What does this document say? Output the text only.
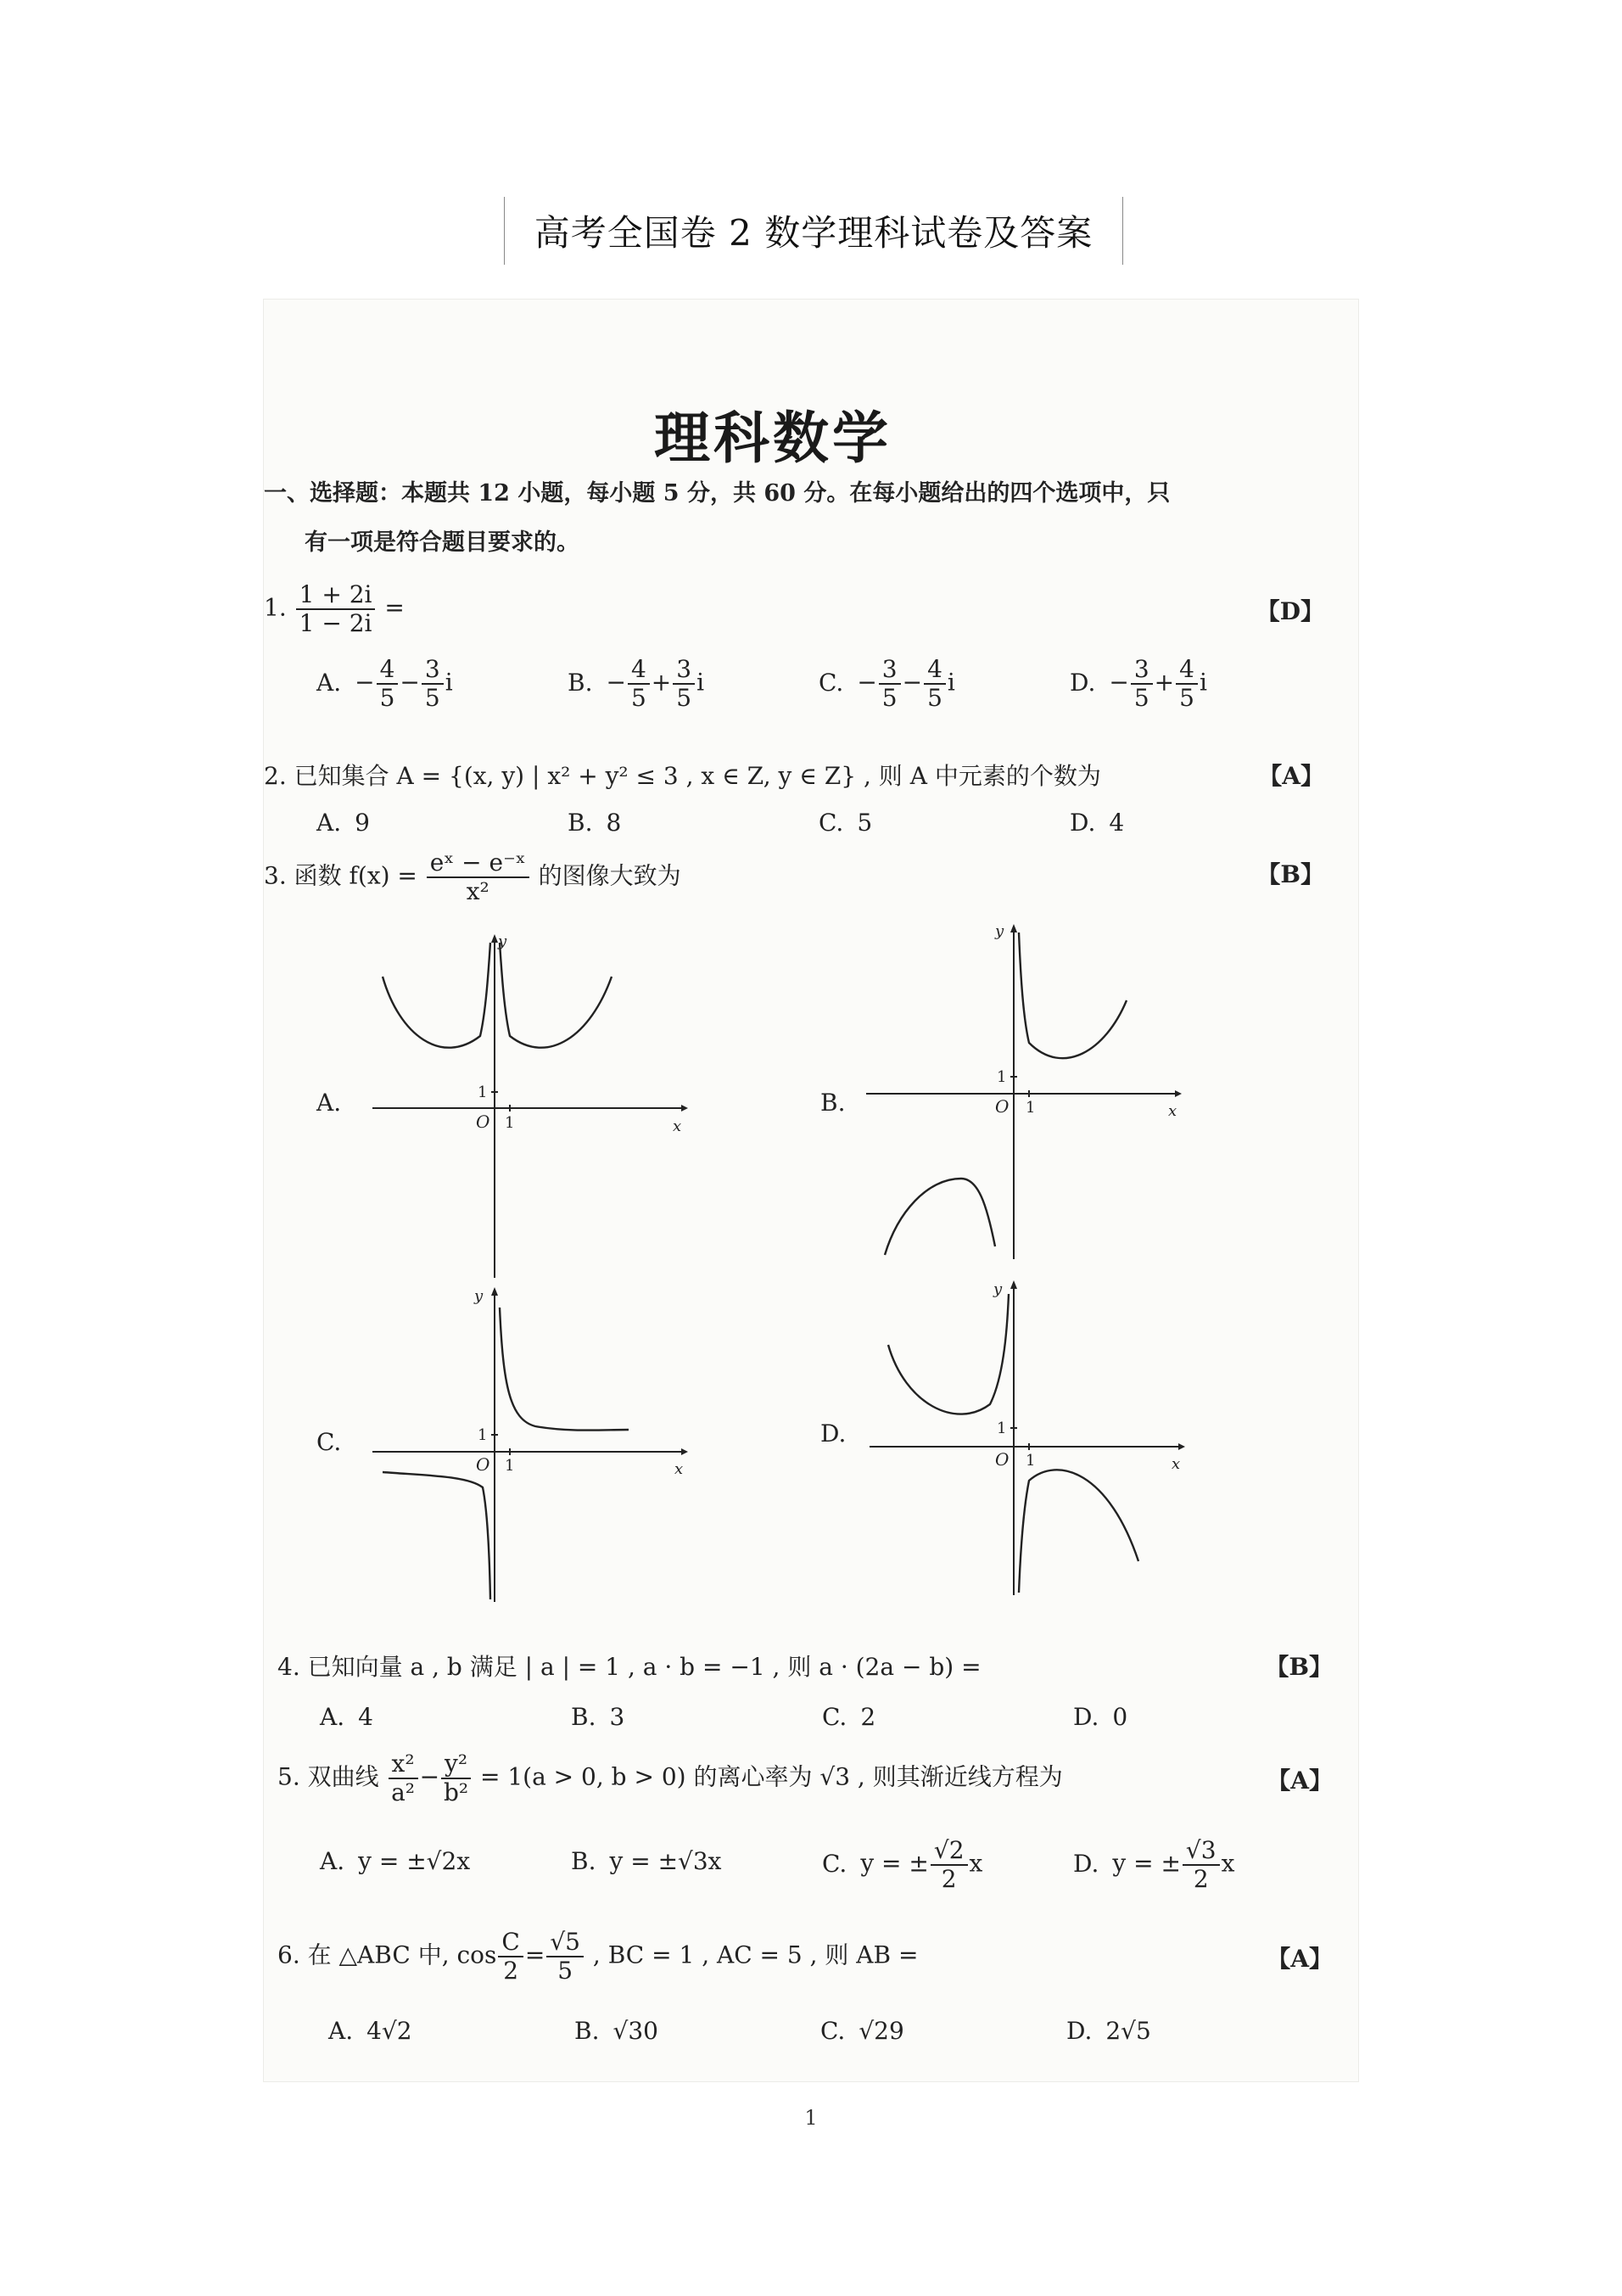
高考全国卷 2 数学理科试卷及答案
理科数学
一、选择题：本题共 12 小题，每小题 5 分，共 60 分。在每小题给出的四个选项中，只
有一项是符合题目要求的。
1. $\frac{1 + 2i}{1 - 2i}$ =	【D】
A. − $\frac{4}{5} - \frac{3}{5}$ i	B. − $\frac{4}{5} + \frac{3}{5}$ i	C. − $\frac{3}{5} - \frac{4}{5}$ i	D. − $\frac{3}{5} + \frac{4}{5}$ i
2. 已知集合 A = {(x, y) | x² + y² ≤ 3 , x ∈ Z, y ∈ Z} , 则 A 中元素的个数为	【A】
A. 9	B. 8	C. 5	D. 4
3. 函数 $f(x) = \frac{\text{eˣ − e⁻ˣ}}{\text{x²}}$ 的图像大致为	【B】
A.	B.
C.	D.
O
1
1	x
y
O
1
1	x
y
O
1
1	x
y
O
1
1	x
y
4. 已知向量 a , b 满足 | a | = 1 , a · b = −1 , 则 a · (2a − b) =	【B】
A. 4	B. 3	C. 2	D. 0
5. 双曲线 $\frac{\text{x²}}{\text{a²}} - \frac{\text{y²}}{\text{b²}} = 1(a > 0$, b > 0) 的离心率为 √3 , 则其渐近线方程为	【A】
A. y = ±√2x	B. y = ±√3x	C. y = ± $\frac{√2}{2}$ x	D. y = ± $\frac{√3}{2}$ x
6. 在 △ABC 中, $\cos \frac{C}{2} = \frac{√5}{5}$ , BC = 1 , AC = 5 , 则 AB =	【A】
A. 4√2	B. √30	C. √29	D. 2√5
1
